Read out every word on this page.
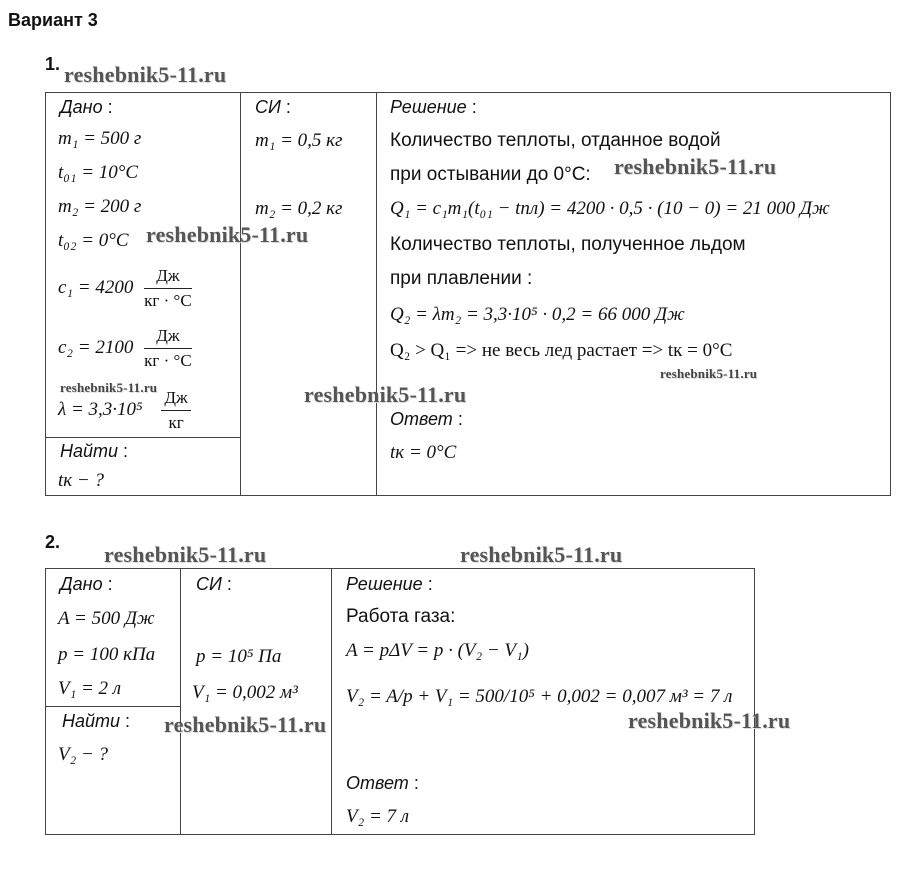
Вариант 3
1. reshebnik5-11.ru
Дано :
m₁ = 500 г
t₀₁ = 10°C
m₂ = 200 г
t₀₂ = 0°C
$c_1 = 4200 \frac{Дж}{кг \cdot ^\circ C}$
$c_2 = 2100 \frac{Дж}{кг \cdot ^\circ C}$
reshebnik5-11.ru
$\lambda = 3,3\cdot 10^5 \frac{Дж}{кг}$
Найти :
tк − ?
СИ :
m₁ = 0,5 кг
m₂ = 0,2 кг
Решение :
Количество теплоты, отданное водой
при остывании до 0°C:
Q₁ = c₁m₁(t₀₁ − tпл) = 4200 · 0,5 · (10 − 0) = 21 000 Дж
Количество теплоты, полученное льдом
при плавлении :
Q₂ = λm₂ = 3,3·10⁵ · 0,2 = 66 000 Дж
Q₂ > Q₁ => не весь лед растает => tк = 0°C
Ответ :
tк = 0°C
reshebnik5-11.ru
reshebnik5-11.ru
reshebnik5-11.ru
reshebnik5-11.ru
2. reshebnik5-11.ru	reshebnik5-11.ru
Дано :
A = 500 Дж
p = 100 кПа
V₁ = 2 л
Найти :
V₂ − ?
СИ :
p = 10⁵ Па
V₁ = 0,002 м³
Решение :
Работа газа:
A = pΔV = p · (V₂ − V₁)
V₂ = A/p + V₁ = 500/10⁵ + 0,002 = 0,007 м³ = 7 л
Ответ :
V₂ = 7 л
reshebnik5-11.ru	reshebnik5-11.ru
